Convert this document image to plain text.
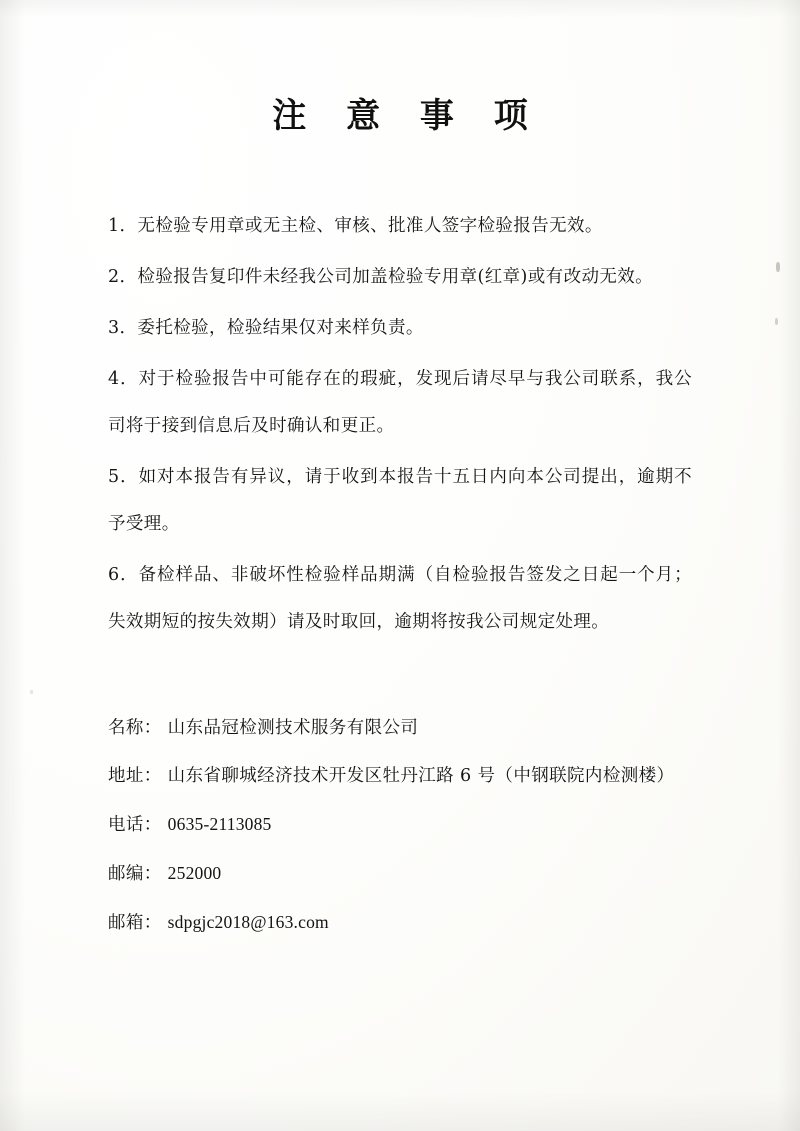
注 意 事 项

1．无检验专用章或无主检、审核、批准人签字检验报告无效。

2．检验报告复印件未经我公司加盖检验专用章(红章)或有改动无效。

3．委托检验，检验结果仅对来样负责。

4．对于检验报告中可能存在的瑕疵，发现后请尽早与我公司联系，我公司将于接到信息后及时确认和更正。

5．如对本报告有异议，请于收到本报告十五日内向本公司提出，逾期不予受理。

6．备检样品、非破坏性检验样品期满（自检验报告签发之日起一个月；失效期短的按失效期）请及时取回，逾期将按我公司规定处理。

名称： 山东品冠检测技术服务有限公司
地址： 山东省聊城经济技术开发区牡丹江路 6 号（中钢联院内检测楼）
电话： 0635-2113085
邮编： 252000
邮箱： sdpgjc2018@163.com
